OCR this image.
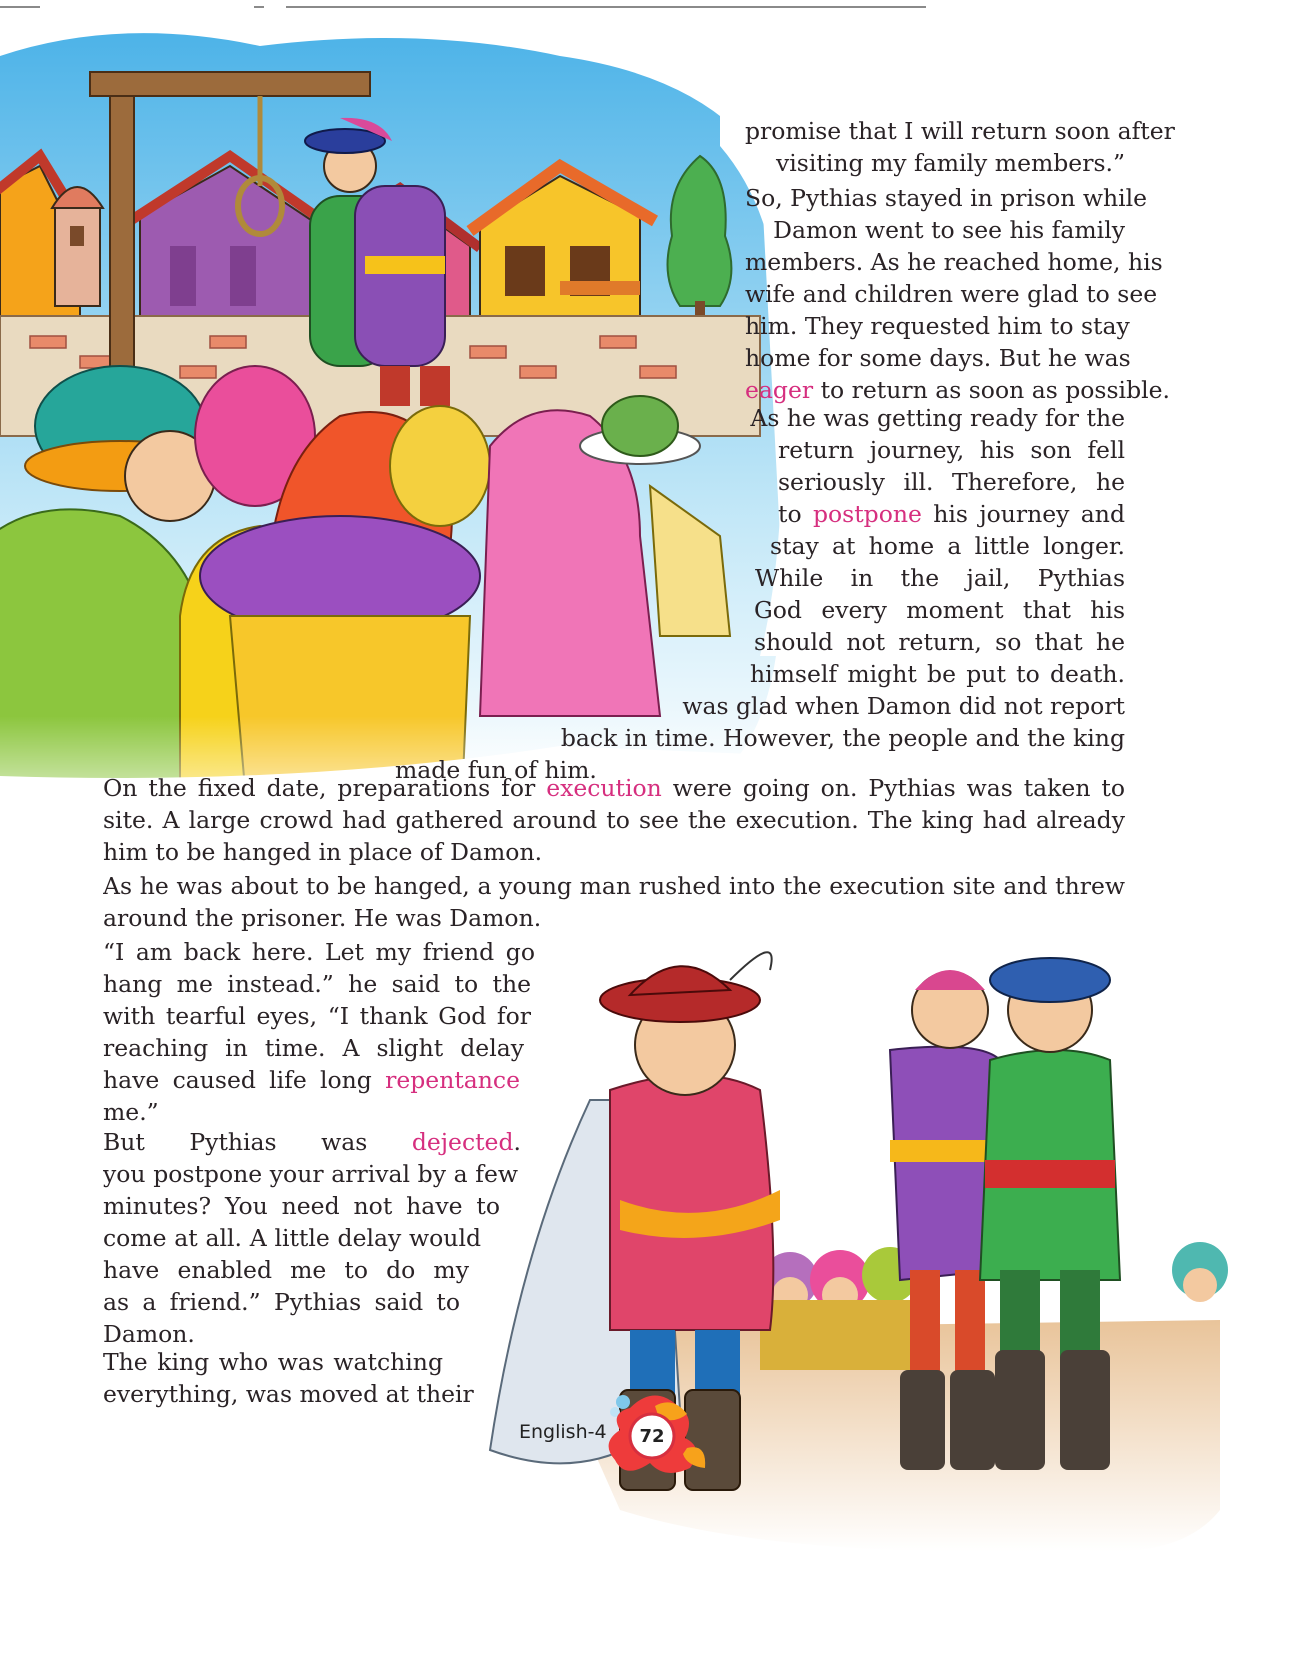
promise that I will return soon after
visiting my family members.”
So, Pythias stayed in prison while
Damon went to see his family
members. As he reached home, his
wife and children were glad to see
him. They requested him to stay
home for some days. But he was
eager to return as soon as possible.
As he was getting ready for the
return journey, his son fell
seriously ill. Therefore, he
to postpone his journey and
stay at home a little longer.
While in the jail, Pythias
God every moment that his
should not return, so that he
himself might be put to death.
was glad when Damon did not report
back in time. However, the people and the king
made fun of him.
On the fixed date, preparations for execution were going on. Pythias was taken to
site. A large crowd had gathered around to see the execution. The king had already
him to be hanged in place of Damon.
As he was about to be hanged, a young man rushed into the execution site and threw
around the prisoner. He was Damon.
“I am back here. Let my friend go
hang me instead.” he said to the
with tearful eyes, “I thank God for
reaching in time. A slight delay
have caused life long repentance
me.”
But Pythias was dejected.
you postpone your arrival by a few
minutes? You need not have to
come at all. A little delay would
have enabled me to do my
as a friend.” Pythias said to
Damon.
The king who was watching
everything, was moved at their
English-4	72
